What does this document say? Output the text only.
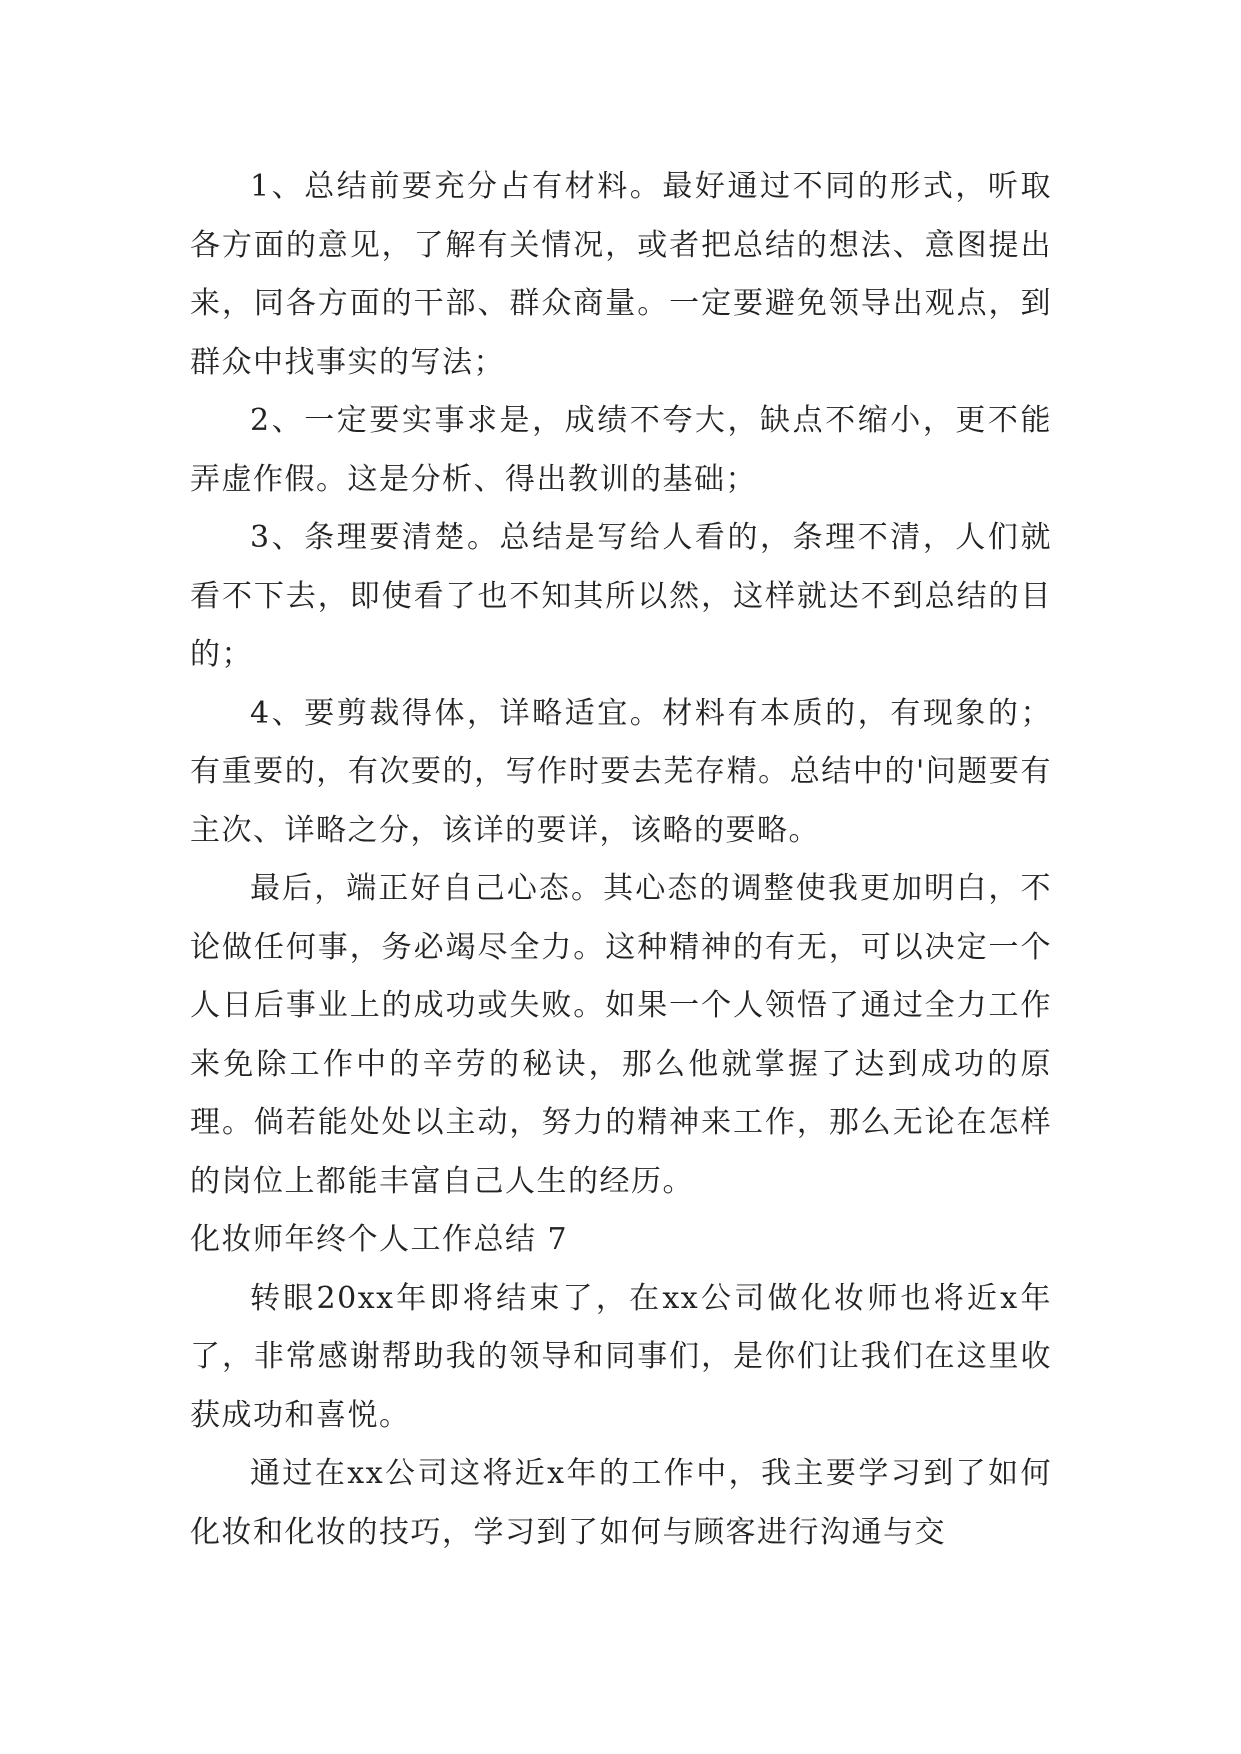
1、总结前要充分占有材料。最好通过不同的形式，听取各方面的意见，了解有关情况，或者把总结的想法、意图提出来，同各方面的干部、群众商量。一定要避免领导出观点，到群众中找事实的写法；

2、一定要实事求是，成绩不夸大，缺点不缩小，更不能弄虚作假。这是分析、得出教训的基础；

3、条理要清楚。总结是写给人看的，条理不清，人们就看不下去，即使看了也不知其所以然，这样就达不到总结的目的；

4、要剪裁得体，详略适宜。材料有本质的，有现象的；有重要的，有次要的，写作时要去芜存精。总结中的'问题要有主次、详略之分，该详的要详，该略的要略。

最后，端正好自己心态。其心态的调整使我更加明白，不论做任何事，务必竭尽全力。这种精神的有无，可以决定一个人日后事业上的成功或失败。如果一个人领悟了通过全力工作来免除工作中的辛劳的秘诀，那么他就掌握了达到成功的原理。倘若能处处以主动，努力的精神来工作，那么无论在怎样的岗位上都能丰富自己人生的经历。

化妆师年终个人工作总结 7

转眼20xx年即将结束了，在xx公司做化妆师也将近x年了，非常感谢帮助我的领导和同事们，是你们让我们在这里收获成功和喜悦。

通过在xx公司这将近x年的工作中，我主要学习到了如何化妆和化妆的技巧，学习到了如何与顾客进行沟通与交
